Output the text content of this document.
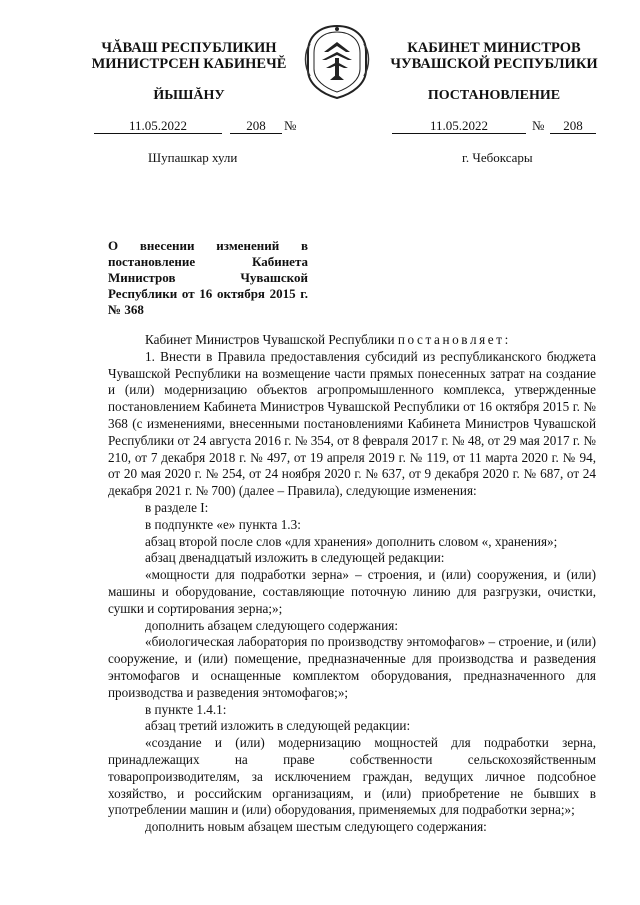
ЧĂВАШ РЕСПУБЛИКИН
МИНИСТРСЕН КАБИНЕЧĔ
КАБИНЕТ МИНИСТРОВ
ЧУВАШСКОЙ РЕСПУБЛИКИ
ЙЫШĂНУ	ПОСТАНОВЛЕНИЕ
11.05.2022	208	№	11.05.2022	№	208
Шупашкар хули	г. Чебоксары
О внесении изменений в постановление Кабинета Министров Чувашской Республики от 16 октября 2015 г. № 368

Кабинет Министров Чувашской Республики постановляет:

1. Внести в Правила предоставления субсидий из республиканского бюджета Чувашской Республики на возмещение части прямых понесенных затрат на создание и (или) модернизацию объектов агропромышленного комплекса, утвержденные постановлением Кабинета Министров Чувашской Республики от 16 октября 2015 г. № 368 (с изменениями, внесенными постановлениями Кабинета Министров Чувашской Республики от 24 августа 2016 г. № 354, от 8 февраля 2017 г. № 48, от 29 мая 2017 г. № 210, от 7 декабря 2018 г. № 497, от 19 апреля 2019 г. № 119, от 11 марта 2020 г. № 94, от 20 мая 2020 г. № 254, от 24 ноября 2020 г. № 637, от 9 декабря 2020 г. № 687, от 24 декабря 2021 г. № 700) (далее – Правила), следующие изменения:

в разделе I:

в подпункте «е» пункта 1.3:

абзац второй после слов «для хранения» дополнить словом «, хранения»;

абзац двенадцатый изложить в следующей редакции:

«мощности для подработки зерна» – строения, и (или) сооружения, и (или) машины и оборудование, составляющие поточную линию для разгрузки, очистки, сушки и сортирования зерна;»;

дополнить абзацем следующего содержания:

«биологическая лаборатория по производству энтомофагов» – строение, и (или) сооружение, и (или) помещение, предназначенные для производства и разведения энтомофагов и оснащенные комплектом оборудования, предназначенного для производства и разведения энтомофагов;»;

в пункте 1.4.1:

абзац третий изложить в следующей редакции:

«создание и (или) модернизацию мощностей для подработки зерна, принадлежащих на праве собственности сельскохозяйственным товаропроизводителям, за исключением граждан, ведущих личное подсобное хозяйство, и российским организациям, и (или) приобретение не бывших в употреблении машин и (или) оборудования, применяемых для подработки зерна;»;

дополнить новым абзацем шестым следующего содержания:
